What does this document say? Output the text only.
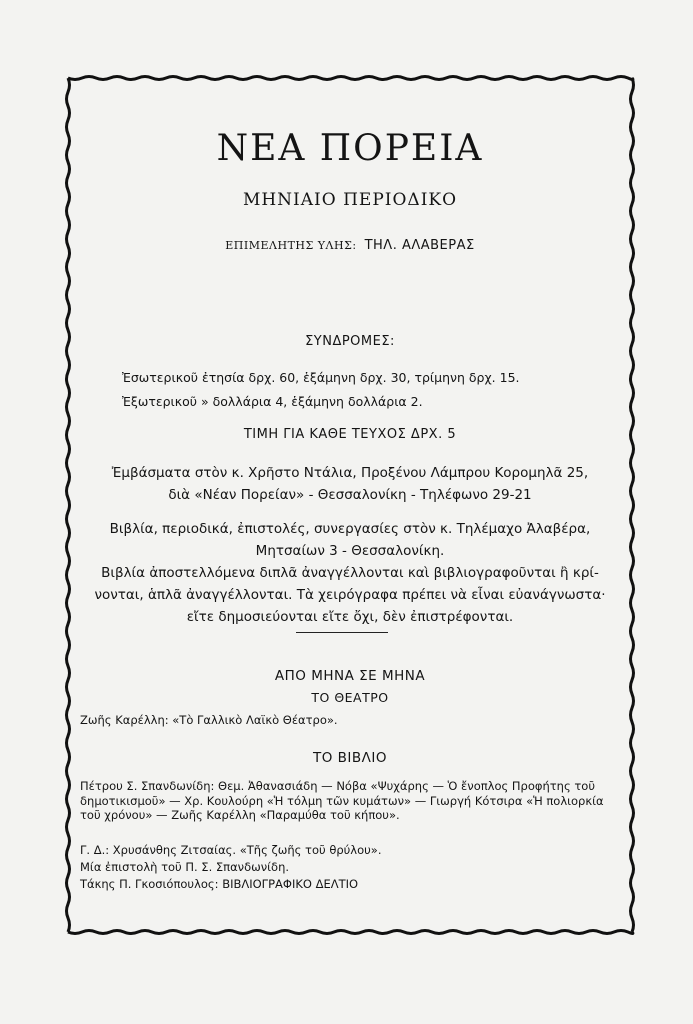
ΝΕΑ ΠΟΡΕΙΑ
ΜΗΝΙΑΙΟ ΠΕΡΙΟΔΙΚΟ
ΕΠΙΜΕΛΗΤΗΣ ΥΛΗΣ: ΤΗΛ. ΑΛΑΒΕΡΑΣ
ΣΥΝΔΡΟΜΕΣ:
Ἐσωτερικοῦ ἐτησία δρχ. 60, ἑξάμηνη δρχ. 30, τρίμηνη δρχ. 15.
Ἐξωτερικοῦ » δολλάρια 4, ἑξάμηνη δολλάρια 2.
ΤΙΜΗ ΓΙΑ ΚΑΘΕ ΤΕΥΧΟΣ ΔΡΧ. 5
Ἐμβάσματα στὸν κ. Χρῆστο Ντάλια, Προξένου Λάμπρου Κορομηλᾶ 25,
διὰ «Νέαν Πορείαν» - Θεσσαλονίκη - Τηλέφωνο 29-21
Βιβλία, περιοδικά, ἐπιστολές, συνεργασίες στὸν κ. Τηλέμαχο Ἀλαβέρα,
Μητσαίων 3 - Θεσσαλονίκη.
Βιβλία ἀποστελλόμενα διπλᾶ ἀναγγέλλονται καὶ βιβλιογραφοῦνται ἢ κρί-
νονται, ἁπλᾶ ἀναγγέλλονται. Τὰ χειρόγραφα πρέπει νὰ εἶναι εὐανάγνωστα·
εἴτε δημοσιεύονται εἴτε ὄχι, δὲν ἐπιστρέφονται.
ΑΠΟ ΜΗΝΑ ΣΕ ΜΗΝΑ
ΤΟ ΘΕΑΤΡΟ
Ζωῆς Καρέλλη: «Τὸ Γαλλικὸ Λαϊκὸ Θέατρο».
ΤΟ ΒΙΒΛΙΟ
Πέτρου Σ. Σπανδωνίδη: Θεμ. Ἀθανασιάδη — Νόβα «Ψυχάρης — Ὁ ἔνοπλος Προφήτης τοῦ δημοτικισμοῦ» — Χρ. Κουλούρη «Ἡ τόλμη τῶν κυμάτων» — Γιωργή Κότσιρα «Ἡ πολιορκία τοῦ χρόνου» — Ζωῆς Καρέλλη «Παραμύθα τοῦ κήπου».
Γ. Δ.: Χρυσάνθης Ζιτσαίας. «Τῆς ζωῆς τοῦ θρύλου».
Μία ἐπιστολὴ τοῦ Π. Σ. Σπανδωνίδη.
Τάκης Π. Γκοσιόπουλος: ΒΙΒΛΙΟΓΡΑΦΙΚΟ ΔΕΛΤΙΟ
